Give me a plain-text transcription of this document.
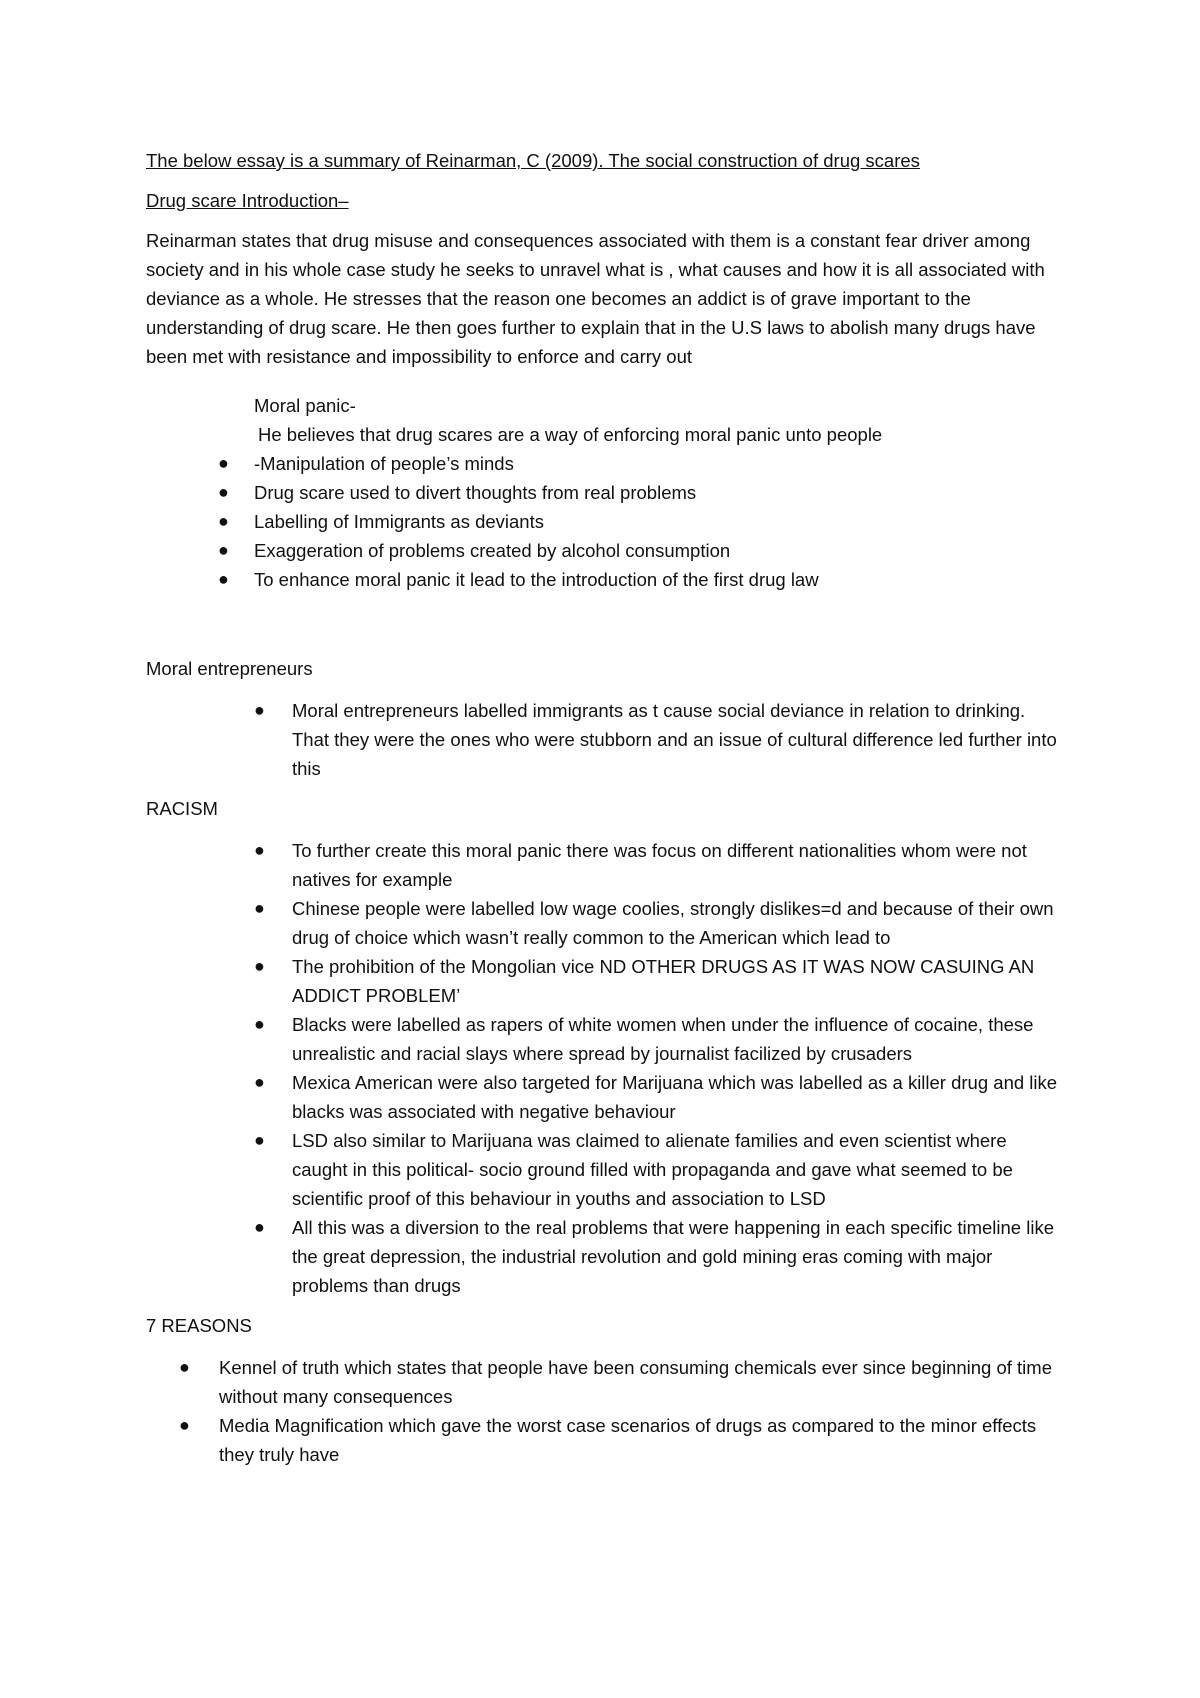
The below essay is a summary of Reinarman, C (2009). The social construction of drug scares

Drug scare Introduction–

Reinarman states that drug misuse and consequences associated with them is a constant fear driver among society and in his whole case study he seeks to unravel what is , what causes and how it is all associated with deviance as a whole. He stresses that the reason one becomes an addict is of grave important to the understanding of drug scare. He then goes further to explain that in the U.S laws to abolish many drugs have been met with resistance and impossibility to enforce and carry out

Moral panic-

He believes that drug scares are a way of enforcing moral panic unto people

● -Manipulation of people’s minds
● Drug scare used to divert thoughts from real problems
● Labelling of Immigrants as deviants
● Exaggeration of problems created by alcohol consumption
● To enhance moral panic it lead to the introduction of the first drug law

Moral entrepreneurs

● Moral entrepreneurs labelled immigrants as t cause social deviance in relation to drinking. That they were the ones who were stubborn and an issue of cultural difference led further into this

RACISM

● To further create this moral panic there was focus on different nationalities whom were not natives for example
● Chinese people were labelled low wage coolies, strongly dislikes=d and because of their own drug of choice which wasn’t really common to the American which lead to
● The prohibition of the Mongolian vice ND OTHER DRUGS AS IT WAS NOW CASUING AN ADDICT PROBLEM’
● Blacks were labelled as rapers of white women when under the influence of cocaine, these unrealistic and racial slays where spread by journalist facilized by crusaders
● Mexica American were also targeted for Marijuana which was labelled as a killer drug and like blacks was associated with negative behaviour
● LSD also similar to Marijuana was claimed to alienate families and even scientist where caught in this political- socio ground filled with propaganda and gave what seemed to be scientific proof of this behaviour in youths and association to LSD
● All this was a diversion to the real problems that were happening in each specific timeline like the great depression, the industrial revolution and gold mining eras coming with major problems than drugs

7 REASONS

● Kennel of truth which states that people have been consuming chemicals ever since beginning of time without many consequences
● Media Magnification which gave the worst case scenarios of drugs as compared to the minor effects they truly have
